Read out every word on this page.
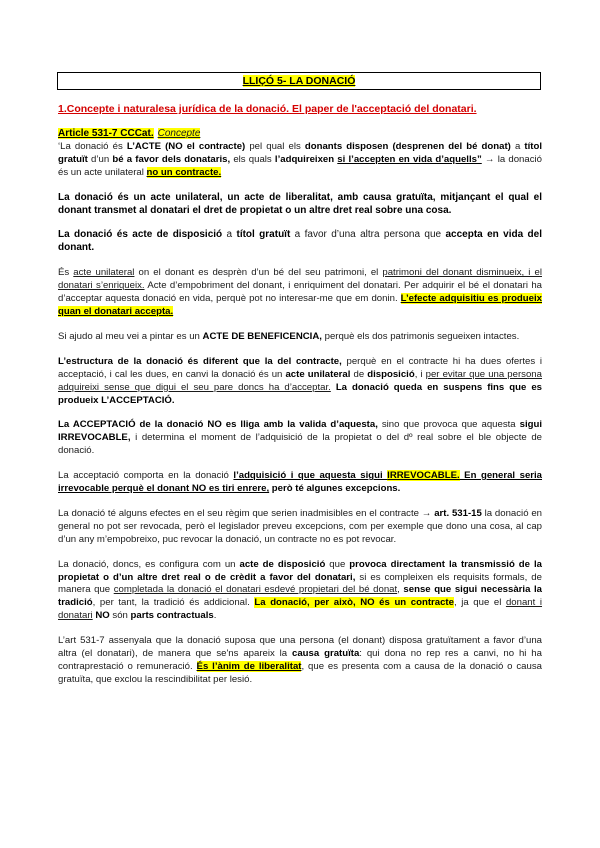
LLIÇÓ 5- LA DONACIÓ
1.Concepte i naturalesa jurídica de la donació. El paper de l'acceptació del donatari.

Article 531-7 CCCat. Concepte

‘La donació és L’ACTE (NO el contracte) pel qual els donants disposen (desprenen del bé donat) a títol gratuït d’un bé a favor dels donataris, els quals l’adquireixen si l’accepten en vida d’aquells” → la donació és un acte unilateral no un contracte.

La donació és un acte unilateral, un acte de liberalitat, amb causa gratuïta, mitjançant el qual el donant transmet al donatari el dret de propietat o un altre dret real sobre una cosa.

La donació és acte de disposició a títol gratuït a favor d’una altra persona que accepta en vida del donant.

És acte unilateral on el donant es desprèn d’un bé del seu patrimoni, el patrimoni del donant disminueix, i el donatari s’enriqueix. Acte d’empobriment del donant, i enriquiment del donatari. Per adquirir el bé el donatari ha d’acceptar aquesta donació en vida, perquè pot no interesar-me que em donin. L’efecte adquisitiu es produeix quan el donatari accepta.

Si ajudo al meu vei a pintar es un ACTE DE BENEFICENCIA, perquè els dos patrimonis segueixen intactes.

L’estructura de la donació és diferent que la del contracte, perquè en el contracte hi ha dues ofertes i acceptació, i cal les dues, en canvi la donació és un acte unilateral de disposició, i per evitar que una persona adquireixi sense que digui el seu pare doncs ha d’acceptar. La donació queda en suspens fins que es produeix L’ACCEPTACIÓ.

La ACCEPTACIÓ de la donació NO es lliga amb la valida d’aquesta, sino que provoca que aquesta sigui IRREVOCABLE, i determina el moment de l’adquisició de la propietat o del dº real sobre el ble objecte de donació.

La acceptació comporta en la donació l’adquisició i que aquesta sigui IRREVOCABLE. En general seria irrevocable perquè el donant NO es tiri enrere, però té algunes excepcions.

La donació té alguns efectes en el seu règim que serien inadmisibles en el contracte → art. 531-15 la donació en general no pot ser revocada, però el legislador preveu excepcions, com per exemple que dono una cosa, al cap d’un any m’empobreixo, puc revocar la donació, un contracte no es pot revocar.

La donació, doncs, es configura com un acte de disposició que provoca directament la transmissió de la propietat o d’un altre dret real o de crèdit a favor del donatari, si es compleixen els requisits formals, de manera que completada la donació el donatari esdevé propietari del bé donat, sense que sigui necessària la tradició, per tant, la tradició és addicional. La donació, per això, NO és un contracte, ja que el donant i donatari NO són parts contractuals.

L’art 531-7 assenyala que la donació suposa que una persona (el donant) disposa gratuïtament a favor d’una altra (el donatari), de manera que se'ns apareix la causa gratuïta: qui dona no rep res a canvi, no hi ha contraprestació o remuneració. És l’ànim de liberalitat, que es presenta com a causa de la donació o causa gratuïta, que exclou la rescindibilitat per lesió.
